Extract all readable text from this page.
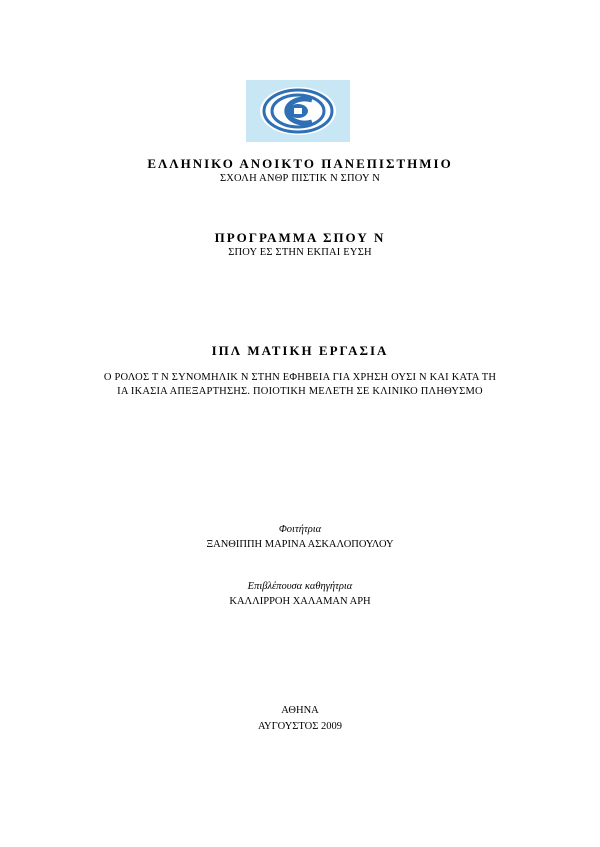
ΕΛΛΗΝΙΚΟ ΑΝΟΙΚΤΟ ΠΑΝΕΠΙΣΤΗΜΙΟ
ΣΧΟΛΗ ΑΝΘΡ ΠΙΣΤΙΚ Ν ΣΠΟΥ Ν
ΠΡΟΓΡΑΜΜΑ ΣΠΟΥ Ν
ΣΠΟΥ ΕΣ ΣΤΗΝ ΕΚΠΑΙ ΕΥΣΗ
ΙΠΛ ΜΑΤΙΚΗ ΕΡΓΑΣΙΑ
Ο ΡΟΛΟΣ Τ Ν ΣΥΝΟΜΗΛΙΚ Ν ΣΤΗΝ ΕΦΗΒΕΙΑ ΓΙΑ ΧΡΗΣΗ ΟΥΣΙ Ν ΚΑΙ ΚΑΤΑ ΤΗ
ΙΑ ΙΚΑΣΙΑ ΑΠΕΞΑΡΤΗΣΗΣ. ΠΟΙΟΤΙΚΗ ΜΕΛΕΤΗ ΣΕ ΚΛΙΝΙΚΟ ΠΛΗΘΥΣΜΟ
Φοιτήτρια
ΞΑΝΘΙΠΠΗ ΜΑΡΙΝΑ ΑΣΚΑΛΟΠΟΥΛΟΥ
Επιβλέπουσα καθηγήτρια
ΚΑΛΛΙΡΡΟΗ ΧΑΛΑΜΑΝ ΑΡΗ
ΑΘΗΝΑ
ΑΥΓΟΥΣΤΟΣ 2009
